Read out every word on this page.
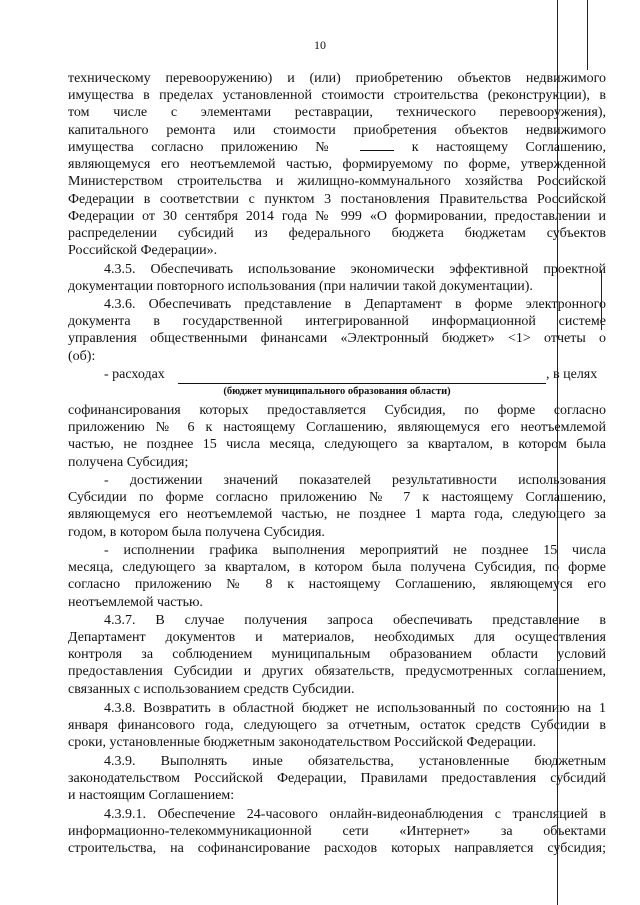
10
техническому перевооружению) и (или) приобретению объектов недвижимого
имущества в пределах установленной стоимости строительства (реконструкции), в
том числе с элементами реставрации, технического перевооружения),
капитального ремонта или стоимости приобретения объектов недвижимого
имущества согласно приложению №	к настоящему Соглашению,
являющемуся его неотъемлемой частью, формируемому по форме, утвержденной
Министерством строительства и жилищно-коммунального хозяйства Российской
Федерации в соответствии с пунктом 3 постановления Правительства Российской
Федерации от 30 сентября 2014 года № 999 «О формировании, предоставлении и
распределении субсидий из федерального бюджета бюджетам субъектов
Российской Федерации».
4.3.5. Обеспечивать использование экономически эффективной проектной
документации повторного использования (при наличии такой документации).
4.3.6. Обеспечивать представление в Департамент в форме электронного
документа в государственной интегрированной информационной системе
управления общественными финансами «Электронный бюджет» <1> отчеты о
(об):
- расходах	, в целях
(бюджет муниципального образования области)
софинансирования которых предоставляется Субсидия, по форме согласно
приложению № 6 к настоящему Соглашению, являющемуся его неотъемлемой
частью, не позднее 15 числа месяца, следующего за кварталом, в котором была
получена Субсидия;
- достижении значений показателей результативности использования
Субсидии по форме согласно приложению № 7 к настоящему Соглашению,
являющемуся его неотъемлемой частью, не позднее 1 марта года, следующего за
годом, в котором была получена Субсидия.
- исполнении графика выполнения мероприятий не позднее 15 числа
месяца, следующего за кварталом, в котором была получена Субсидия, по форме
согласно приложению № 8 к настоящему Соглашению, являющемуся его
неотъемлемой частью.
4.3.7. В случае получения запроса обеспечивать представление в
Департамент документов и материалов, необходимых для осуществления
контроля за соблюдением муниципальным образованием области условий
предоставления Субсидии и других обязательств, предусмотренных соглашением,
связанных с использованием средств Субсидии.
4.3.8. Возвратить в областной бюджет не использованный по состоянию на 1
января финансового года, следующего за отчетным, остаток средств Субсидии в
сроки, установленные бюджетным законодательством Российской Федерации.
4.3.9. Выполнять иные обязательства, установленные бюджетным
законодательством Российской Федерации, Правилами предоставления субсидий
и настоящим Соглашением:
4.3.9.1. Обеспечение 24-часового онлайн-видеонаблюдения с трансляцией в
информационно-телекоммуникационной сети «Интернет» за объектами
строительства, на софинансирование расходов которых направляется субсидия;
